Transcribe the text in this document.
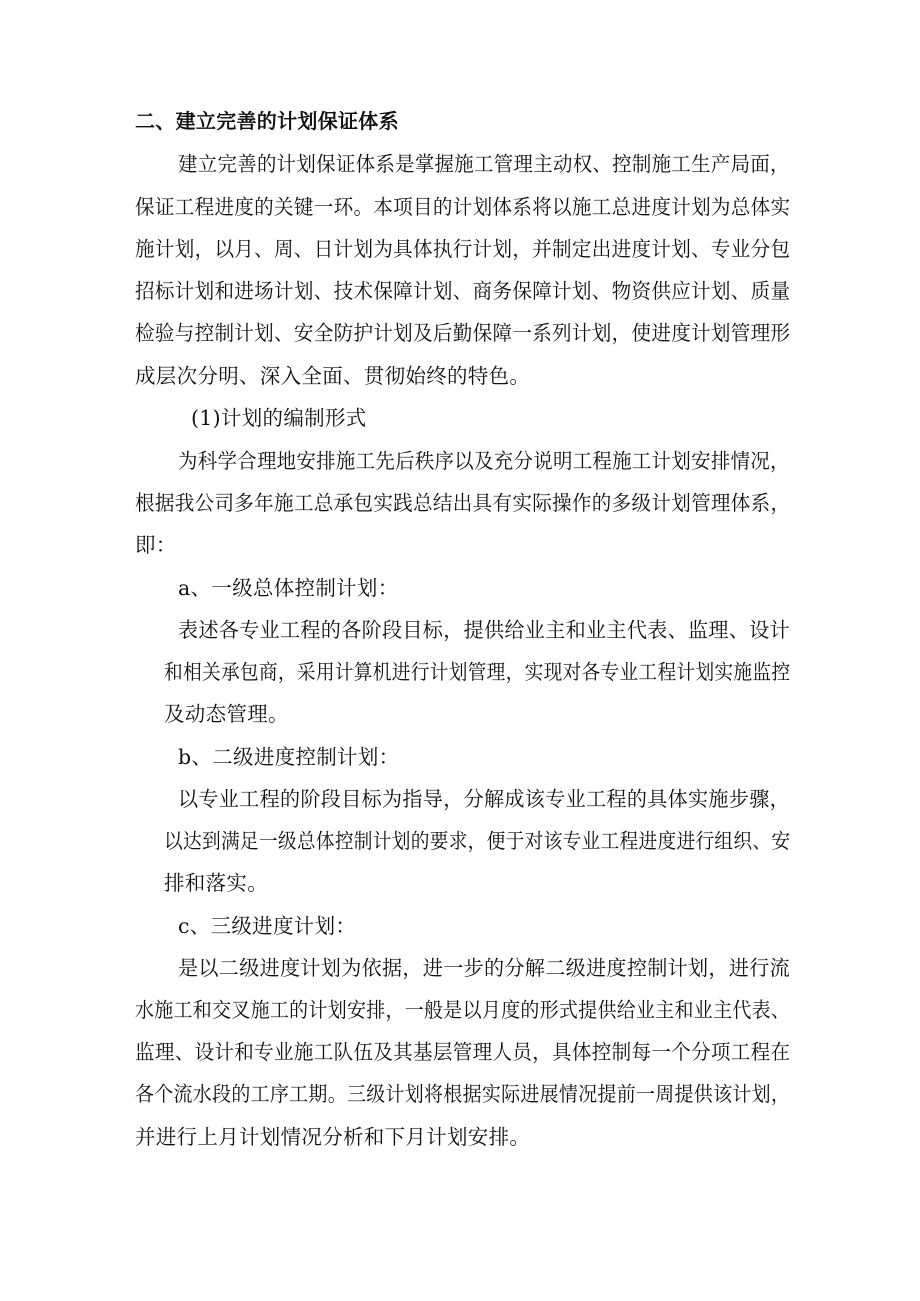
二、建立完善的计划保证体系
建立完善的计划保证体系是掌握施工管理主动权、控制施工生产局面，
保证工程进度的关键一环。本项目的计划体系将以施工总进度计划为总体实
施计划，以月、周、日计划为具体执行计划，并制定出进度计划、专业分包
招标计划和进场计划、技术保障计划、商务保障计划、物资供应计划、质量
检验与控制计划、安全防护计划及后勤保障一系列计划，使进度计划管理形
成层次分明、深入全面、贯彻始终的特色。
(1)计划的编制形式
为科学合理地安排施工先后秩序以及充分说明工程施工计划安排情况，
根据我公司多年施工总承包实践总结出具有实际操作的多级计划管理体系，
即：
a、一级总体控制计划：
表述各专业工程的各阶段目标，提供给业主和业主代表、监理、设计
和相关承包商，采用计算机进行计划管理，实现对各专业工程计划实施监控
及动态管理。
b、二级进度控制计划：
以专业工程的阶段目标为指导，分解成该专业工程的具体实施步骤，
以达到满足一级总体控制计划的要求，便于对该专业工程进度进行组织、安
排和落实。
c、三级进度计划：
是以二级进度计划为依据，进一步的分解二级进度控制计划，进行流
水施工和交叉施工的计划安排，一般是以月度的形式提供给业主和业主代表、
监理、设计和专业施工队伍及其基层管理人员，具体控制每一个分项工程在
各个流水段的工序工期。三级计划将根据实际进展情况提前一周提供该计划，
并进行上月计划情况分析和下月计划安排。
